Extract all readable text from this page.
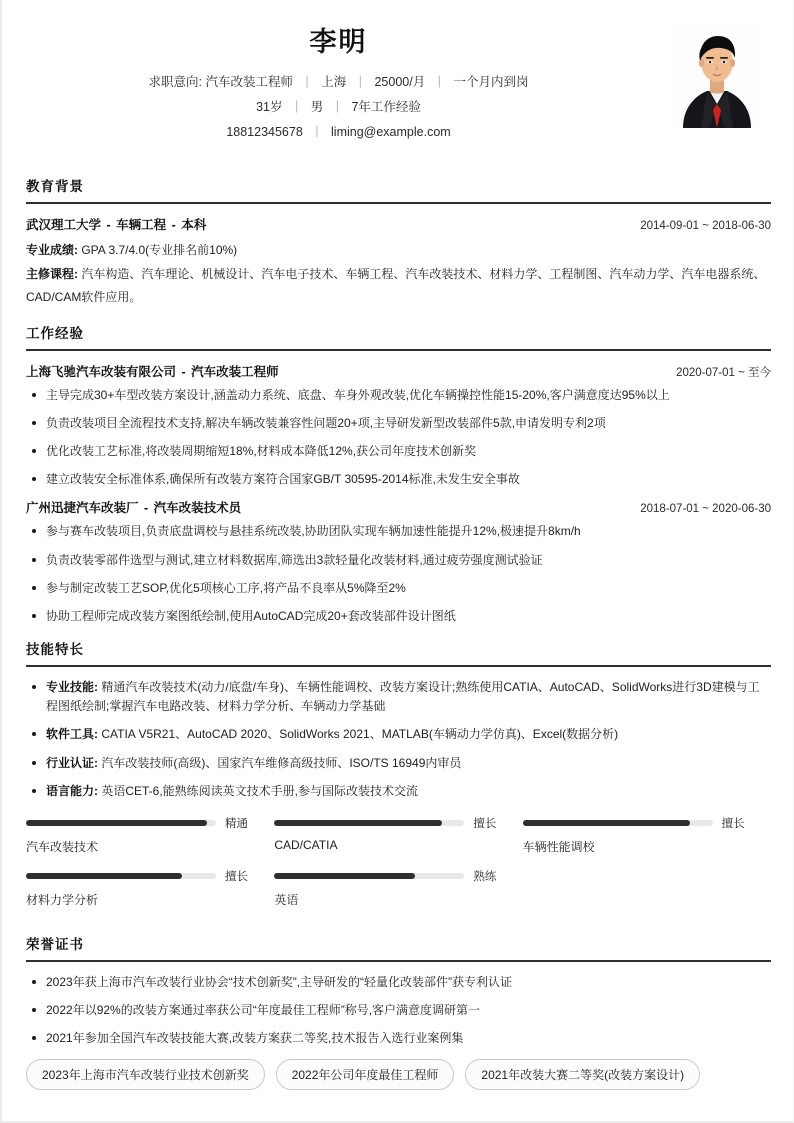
李明
求职意向: 汽车改装工程师 | 上海 | 25000/月 | 一个月内到岗
31岁 | 男 | 7年工作经验
18812345678 | liming@example.com
教育背景
武汉理工大学 - 车辆工程 - 本科	2014-09-01 ~ 2018-06-30
专业成绩: GPA 3.7/4.0(专业排名前10%)
主修课程: 汽车构造、汽车理论、机械设计、汽车电子技术、车辆工程、汽车改装技术、材料力学、工程制图、汽车动力学、汽车电器系统、CAD/CAM软件应用。
工作经验
上海飞驰汽车改装有限公司 - 汽车改装工程师	2020-07-01 ~ 至今
主导完成30+车型改装方案设计,涵盖动力系统、底盘、车身外观改装,优化车辆操控性能15-20%,客户满意度达95%以上
负责改装项目全流程技术支持,解决车辆改装兼容性问题20+项,主导研发新型改装部件5款,申请发明专利2项
优化改装工艺标准,将改装周期缩短18%,材料成本降低12%,获公司年度技术创新奖
建立改装安全标准体系,确保所有改装方案符合国家GB/T 30595-2014标准,未发生安全事故
广州迅捷汽车改装厂 - 汽车改装技术员	2018-07-01 ~ 2020-06-30
参与赛车改装项目,负责底盘调校与悬挂系统改装,协助团队实现车辆加速性能提升12%,极速提升8km/h
负责改装零部件选型与测试,建立材料数据库,筛选出3款轻量化改装材料,通过疲劳强度测试验证
参与制定改装工艺SOP,优化5项核心工序,将产品不良率从5%降至2%
协助工程师完成改装方案图纸绘制,使用AutoCAD完成20+套改装部件设计图纸
技能特长
专业技能: 精通汽车改装技术(动力/底盘/车身)、车辆性能调校、改装方案设计;熟练使用CATIA、AutoCAD、SolidWorks进行3D建模与工程图纸绘制;掌握汽车电路改装、材料力学分析、车辆动力学基础
软件工具: CATIA V5R21、AutoCAD 2020、SolidWorks 2021、MATLAB(车辆动力学仿真)、Excel(数据分析)
行业认证: 汽车改装技师(高级)、国家汽车维修高级技师、ISO/TS 16949内审员
语言能力: 英语CET-6,能熟练阅读英文技术手册,参与国际改装技术交流
精通
汽车改装技术
擅长
CAD/CATIA
擅长
车辆性能调校
擅长
材料力学分析
熟练
英语
荣誉证书
2023年获上海市汽车改装行业协会“技术创新奖”,主导研发的“轻量化改装部件”获专利认证
2022年以92%的改装方案通过率获公司“年度最佳工程师”称号,客户满意度调研第一
2021年参加全国汽车改装技能大赛,改装方案获二等奖,技术报告入选行业案例集
2023年上海市汽车改装行业技术创新奖	2022年公司年度最佳工程师	2021年改装大赛二等奖(改装方案设计)
